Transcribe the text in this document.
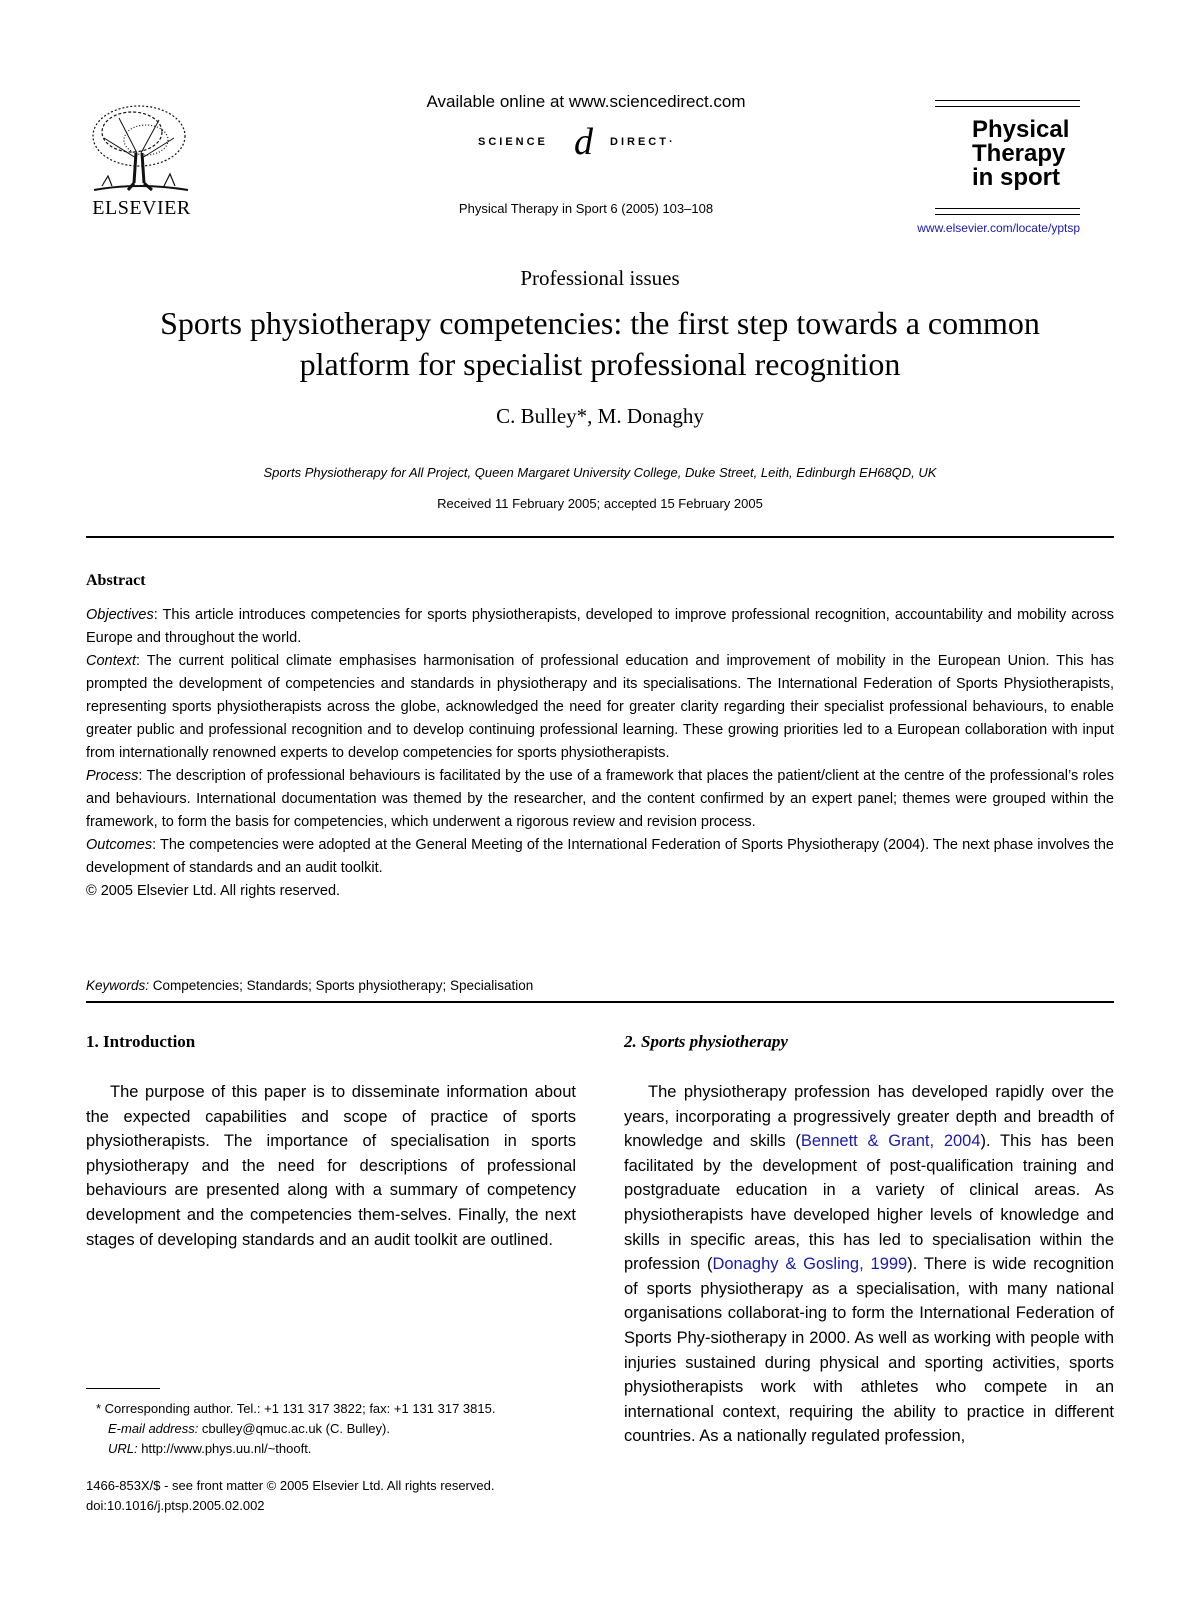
ELSEVIER
Available online at www.sciencedirect.com
SCIENCE d DIRECT·
Physical Therapy in Sport 6 (2005) 103–108
Physical
Therapy
in sport
www.elsevier.com/locate/yptsp
Professional issues
Sports physiotherapy competencies: the first step towards a common
platform for specialist professional recognition
C. Bulley*, M. Donaghy
Sports Physiotherapy for All Project, Queen Margaret University College, Duke Street, Leith, Edinburgh EH68QD, UK
Received 11 February 2005; accepted 15 February 2005
Abstract

Objectives: This article introduces competencies for sports physiotherapists, developed to improve professional recognition, accountability and mobility across Europe and throughout the world.

Context: The current political climate emphasises harmonisation of professional education and improvement of mobility in the European Union. This has prompted the development of competencies and standards in physiotherapy and its specialisations. The International Federation of Sports Physiotherapists, representing sports physiotherapists across the globe, acknowledged the need for greater clarity regarding their specialist professional behaviours, to enable greater public and professional recognition and to develop continuing professional learning. These growing priorities led to a European collaboration with input from internationally renowned experts to develop competencies for sports physiotherapists.

Process: The description of professional behaviours is facilitated by the use of a framework that places the patient/client at the centre of the professional’s roles and behaviours. International documentation was themed by the researcher, and the content confirmed by an expert panel; themes were grouped within the framework, to form the basis for competencies, which underwent a rigorous review and revision process.

Outcomes: The competencies were adopted at the General Meeting of the International Federation of Sports Physiotherapy (2004). The next phase involves the development of standards and an audit toolkit.

© 2005 Elsevier Ltd. All rights reserved.

Keywords: Competencies; Standards; Sports physiotherapy; Specialisation
1. Introduction

The purpose of this paper is to disseminate information about the expected capabilities and scope of practice of sports physiotherapists. The importance of specialisation in sports physiotherapy and the need for descriptions of professional behaviours are presented along with a summary of competency development and the competencies them-selves. Finally, the next stages of developing standards and an audit toolkit are outlined.

* Corresponding author. Tel.: +1 131 317 3822; fax: +1 131 317 3815.
E-mail address: cbulley@qmuc.ac.uk (C. Bulley).
URL: http://www.phys.uu.nl/~thooft.
1466-853X/$ - see front matter © 2005 Elsevier Ltd. All rights reserved.
doi:10.1016/j.ptsp.2005.02.002
2. Sports physiotherapy

The physiotherapy profession has developed rapidly over the years, incorporating a progressively greater depth and breadth of knowledge and skills (Bennett & Grant, 2004). This has been facilitated by the development of post-qualification training and postgraduate education in a variety of clinical areas. As physiotherapists have developed higher levels of knowledge and skills in specific areas, this has led to specialisation within the profession (Donaghy & Gosling, 1999). There is wide recognition of sports physiotherapy as a specialisation, with many national organisations collaborat-ing to form the International Federation of Sports Phy-siotherapy in 2000. As well as working with people with injuries sustained during physical and sporting activities, sports physiotherapists work with athletes who compete in an international context, requiring the ability to practice in different countries. As a nationally regulated profession,
